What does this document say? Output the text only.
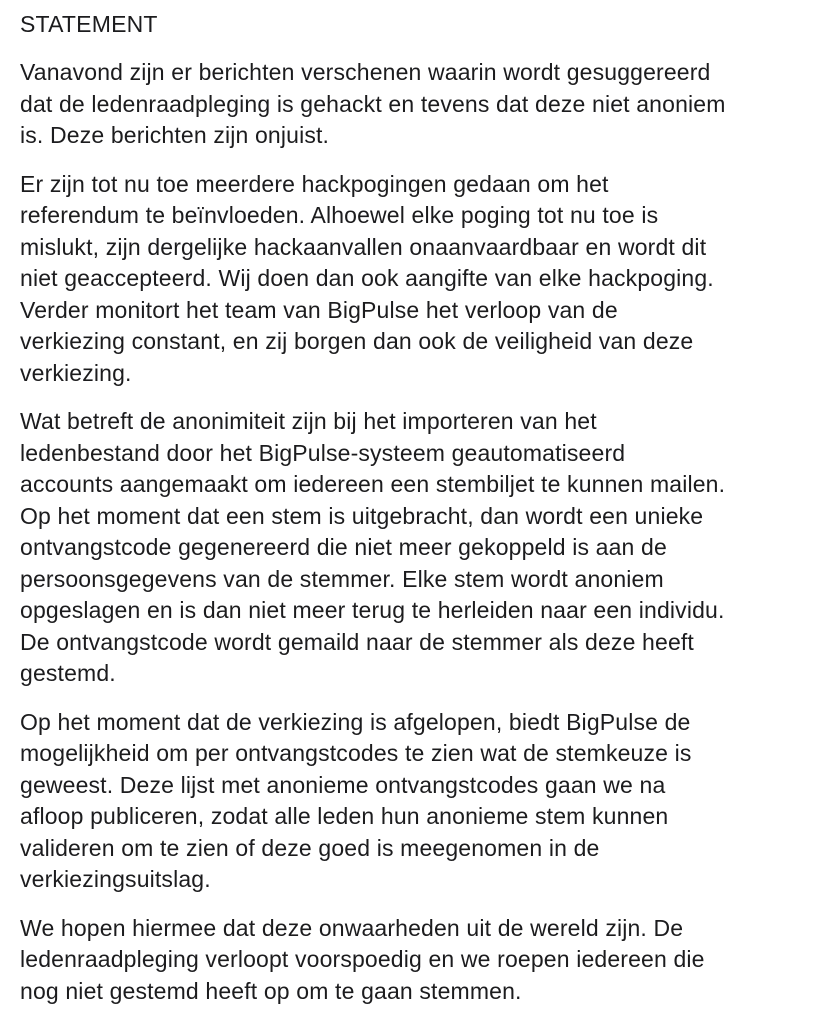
STATEMENT
Vanavond zijn er berichten verschenen waarin wordt gesuggereerd
dat de ledenraadpleging is gehackt en tevens dat deze niet anoniem
is. Deze berichten zijn onjuist.
Er zijn tot nu toe meerdere hackpogingen gedaan om het
referendum te beïnvloeden. Alhoewel elke poging tot nu toe is
mislukt, zijn dergelijke hackaanvallen onaanvaardbaar en wordt dit
niet geaccepteerd. Wij doen dan ook aangifte van elke hackpoging.
Verder monitort het team van BigPulse het verloop van de
verkiezing constant, en zij borgen dan ook de veiligheid van deze
verkiezing.
Wat betreft de anonimiteit zijn bij het importeren van het
ledenbestand door het BigPulse-systeem geautomatiseerd
accounts aangemaakt om iedereen een stembiljet te kunnen mailen.
Op het moment dat een stem is uitgebracht, dan wordt een unieke
ontvangstcode gegenereerd die niet meer gekoppeld is aan de
persoonsgegevens van de stemmer. Elke stem wordt anoniem
opgeslagen en is dan niet meer terug te herleiden naar een individu.
De ontvangstcode wordt gemaild naar de stemmer als deze heeft
gestemd.
Op het moment dat de verkiezing is afgelopen, biedt BigPulse de
mogelijkheid om per ontvangstcodes te zien wat de stemkeuze is
geweest. Deze lijst met anonieme ontvangstcodes gaan we na
afloop publiceren, zodat alle leden hun anonieme stem kunnen
valideren om te zien of deze goed is meegenomen in de
verkiezingsuitslag.
We hopen hiermee dat deze onwaarheden uit de wereld zijn. De
ledenraadpleging verloopt voorspoedig en we roepen iedereen die
nog niet gestemd heeft op om te gaan stemmen.
